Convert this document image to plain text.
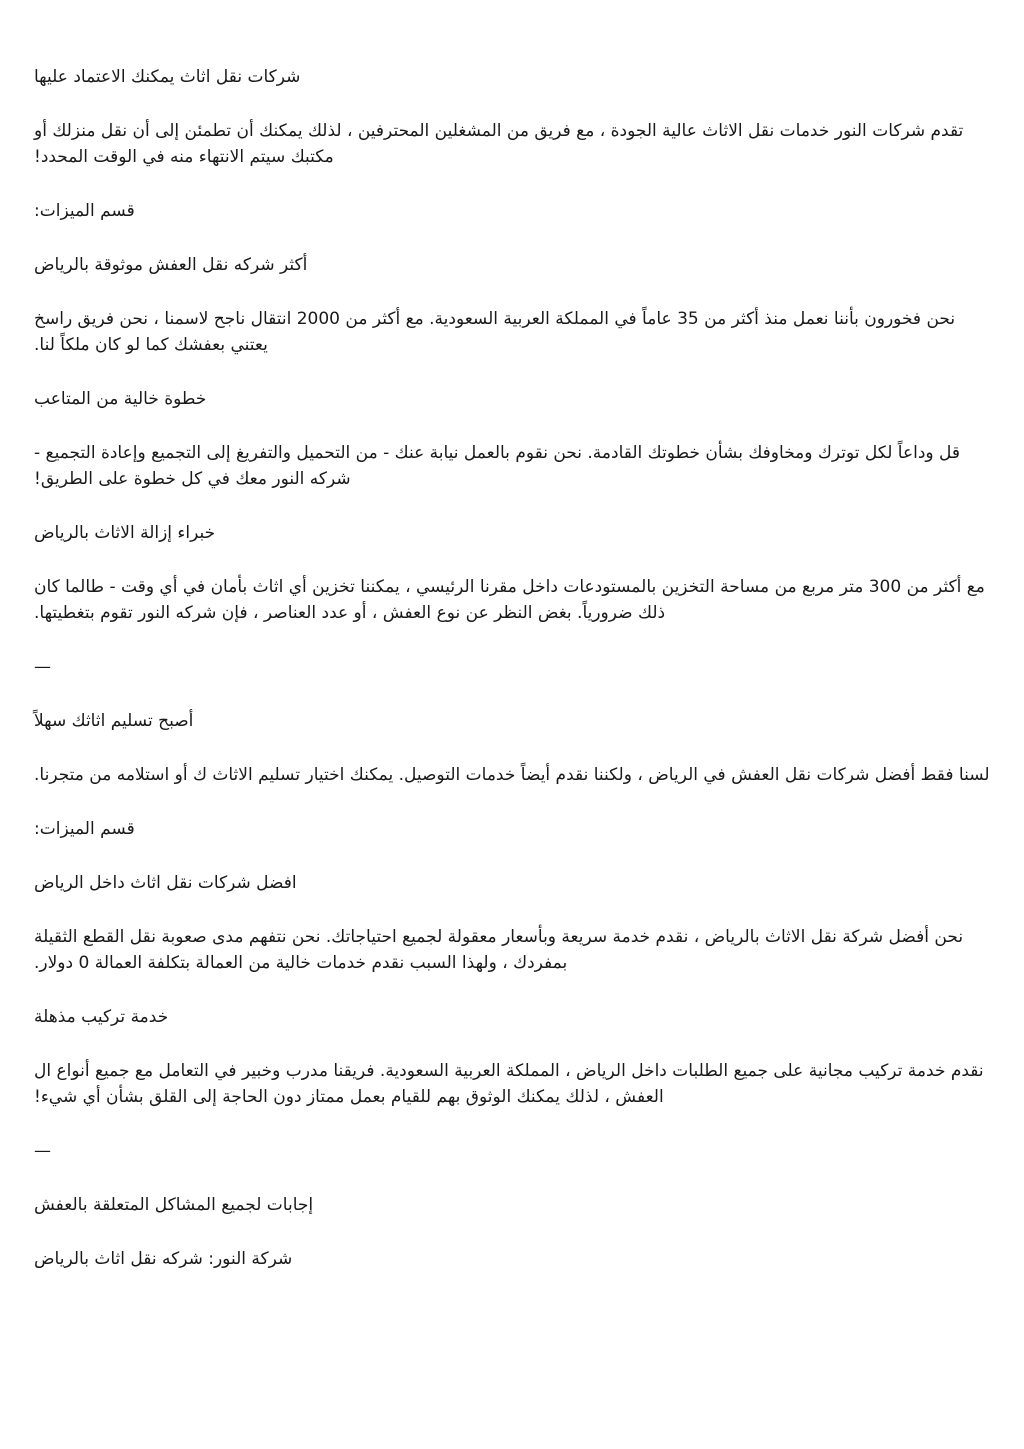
شركات نقل اثاث يمكنك الاعتماد عليها

تقدم شركات النور خدمات نقل الاثاث عالية الجودة ، مع فريق من المشغلين المحترفين ، لذلك يمكنك أن تطمئن إلى أن نقل منزلك أو مكتبك سيتم الانتهاء منه في الوقت المحدد!

قسم الميزات:

أكثر شركه نقل العفش موثوقة بالرياض

نحن فخورون بأننا نعمل منذ أكثر من 35 عاماً في المملكة العربية السعودية. مع أكثر من 2000 انتقال ناجح لاسمنا ، نحن فريق راسخ يعتني بعفشك كما لو كان ملكاً لنا.

خطوة خالية من المتاعب

قل وداعاً لكل توترك ومخاوفك بشأن خطوتك القادمة. نحن نقوم بالعمل نيابة عنك - من التحميل والتفريغ إلى التجميع وإعادة التجميع - شركه النور معك في كل خطوة على الطريق!

خبراء إزالة الاثاث بالرياض

مع أكثر من 300 متر مربع من مساحة التخزين بالمستودعات داخل مقرنا الرئيسي ، يمكننا تخزين أي اثاث بأمان في أي وقت - طالما كان ذلك ضرورياً. بغض النظر عن نوع العفش ، أو عدد العناصر ، فإن شركه النور تقوم بتغطيتها.

—

أصبح تسليم اثاثك سهلاً

لسنا فقط أفضل شركات نقل العفش في الرياض ، ولكننا نقدم أيضاً خدمات التوصيل. يمكنك اختيار تسليم الاثاث ك أو استلامه من متجرنا.

قسم الميزات:

افضل شركات نقل اثاث داخل الرياض

نحن أفضل شركة نقل الاثاث بالرياض ، نقدم خدمة سريعة وبأسعار معقولة لجميع احتياجاتك. نحن نتفهم مدى صعوبة نقل القطع الثقيلة بمفردك ، ولهذا السبب نقدم خدمات خالية من العمالة بتكلفة العمالة 0 دولار.

خدمة تركيب مذهلة

نقدم خدمة تركيب مجانية على جميع الطلبات داخل الرياض ، المملكة العربية السعودية. فريقنا مدرب وخبير في التعامل مع جميع أنواع ال العفش ، لذلك يمكنك الوثوق بهم للقيام بعمل ممتاز دون الحاجة إلى القلق بشأن أي شيء!

—

إجابات لجميع المشاكل المتعلقة بالعفش

شركة النور: شركه نقل اثاث بالرياض
